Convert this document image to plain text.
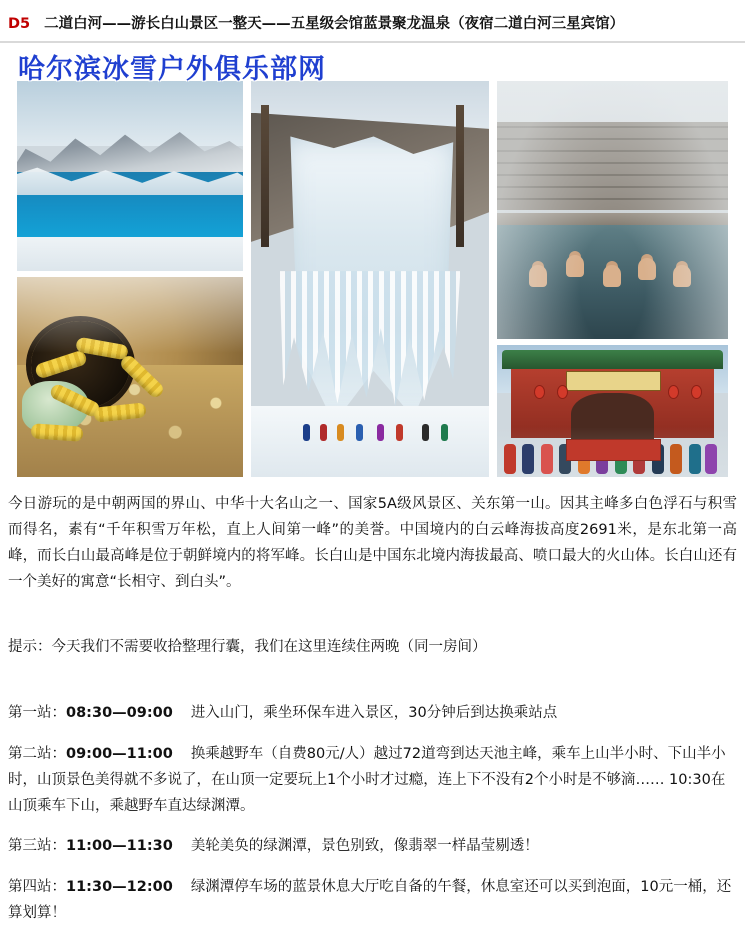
D5 二道白河——游长白山景区一整天——五星级会馆蓝景聚龙温泉（夜宿二道白河三星宾馆）
哈尔滨冰雪户外俱乐部网

今日游玩的是中朝两国的界山、中华十大名山之一、国家5A级风景区、关东第一山。因其主峰多白色浮石与积雪而得名，素有“千年积雪万年松，直上人间第一峰”的美誉。中国境内的白云峰海拔高度2691米，是东北第一高峰，而长白山最高峰是位于朝鲜境内的将军峰。长白山是中国东北境内海拔最高、喷口最大的火山体。长白山还有一个美好的寓意“长相守、到白头”。

提示：今天我们不需要收拾整理行囊，我们在这里连续住两晚（同一房间）

第一站：08:30—09:00 进入山门，乘坐环保车进入景区，30分钟后到达换乘站点

第二站：09:00—11:00 换乘越野车（自费80元/人）越过72道弯到达天池主峰，乘车上山半小时、下山半小时，山顶景色美得就不多说了，在山顶一定要玩上1个小时才过瘾，连上下不没有2个小时是不够滴…… 10:30在山顶乘车下山，乘越野车直达绿渊潭。

第三站：11:00—11:30 美轮美奂的绿渊潭，景色别致，像翡翠一样晶莹剔透！

第四站：11:30—12:00 绿渊潭停车场的蓝景休息大厅吃自备的午餐，休息室还可以买到泡面，10元一桶，还算划算！
